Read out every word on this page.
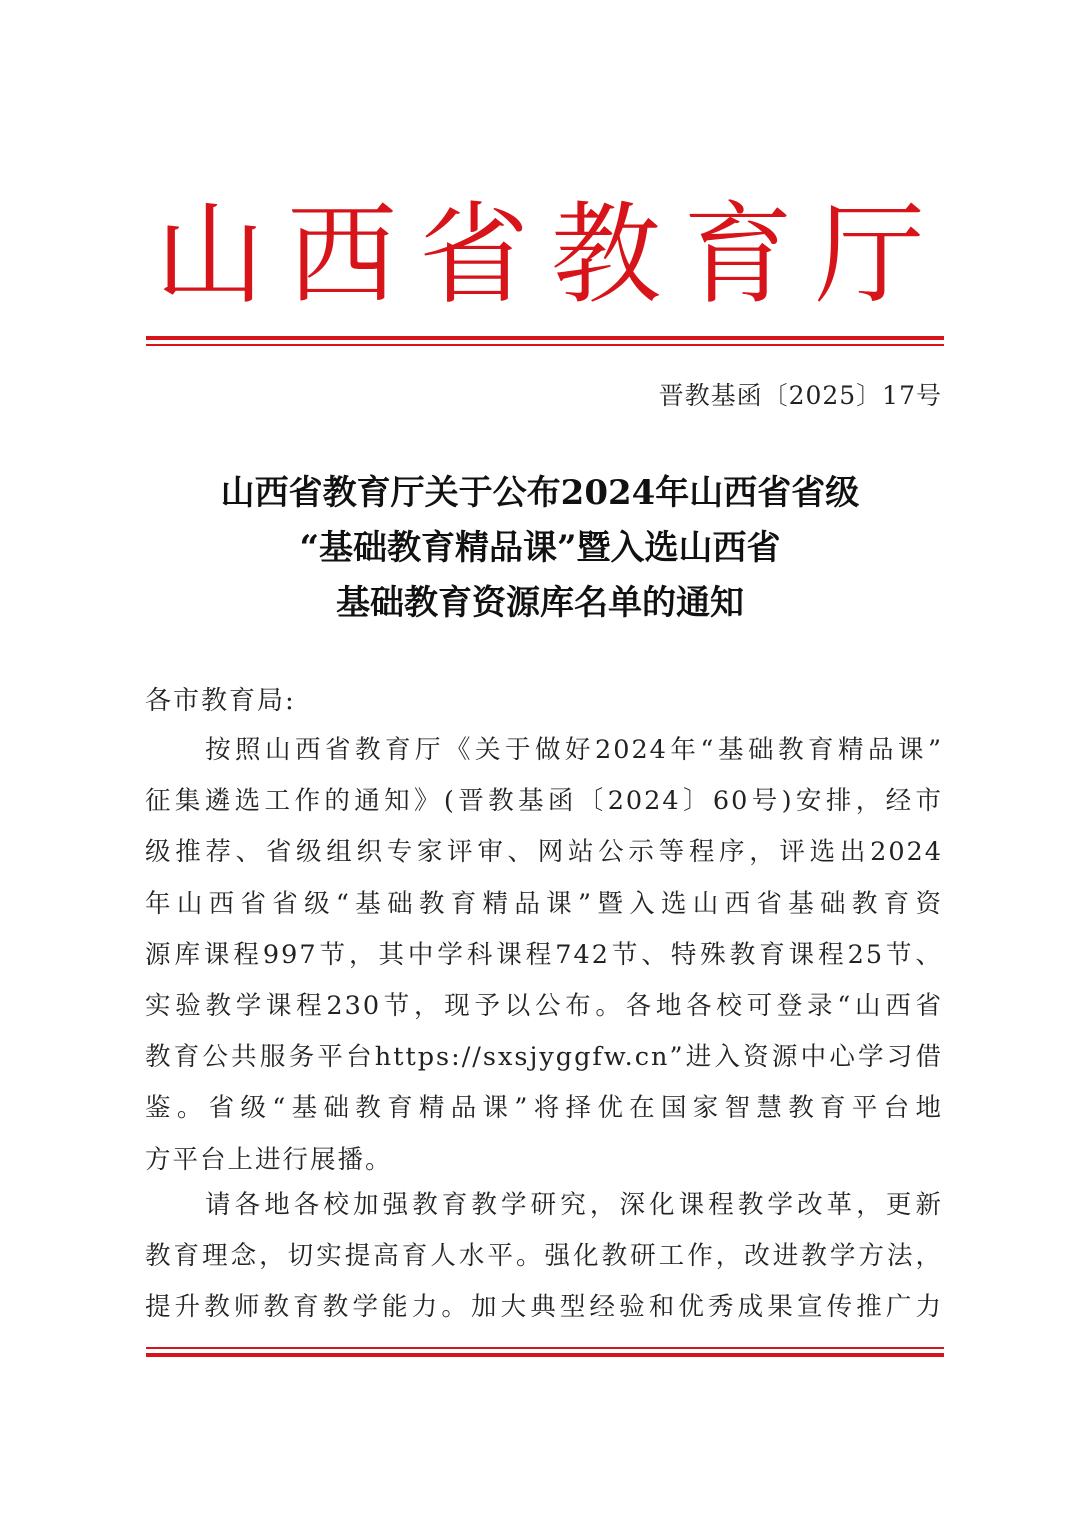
山西省教育厅
晋教基函〔2025〕17号
山西省教育厅关于公布2024年山西省省级
“基础教育精品课”暨入选山西省
基础教育资源库名单的通知
各市教育局:
按照山西省教育厅《关于做好2024年“基础教育精品课”
征集遴选工作的通知》(晋教基函〔2024〕60号)安排，经市
级推荐、省级组织专家评审、网站公示等程序，评选出2024
年山西省省级“基础教育精品课”暨入选山西省基础教育资
源库课程997节，其中学科课程742节、特殊教育课程25节、
实验教学课程230节，现予以公布。各地各校可登录“山西省
教育公共服务平台https://sxsjyggfw.cn”进入资源中心学习借
鉴。省级“基础教育精品课”将择优在国家智慧教育平台地
方平台上进行展播。
请各地各校加强教育教学研究，深化课程教学改革，更新
教育理念，切实提高育人水平。强化教研工作，改进教学方法，
提升教师教育教学能力。加大典型经验和优秀成果宣传推广力
